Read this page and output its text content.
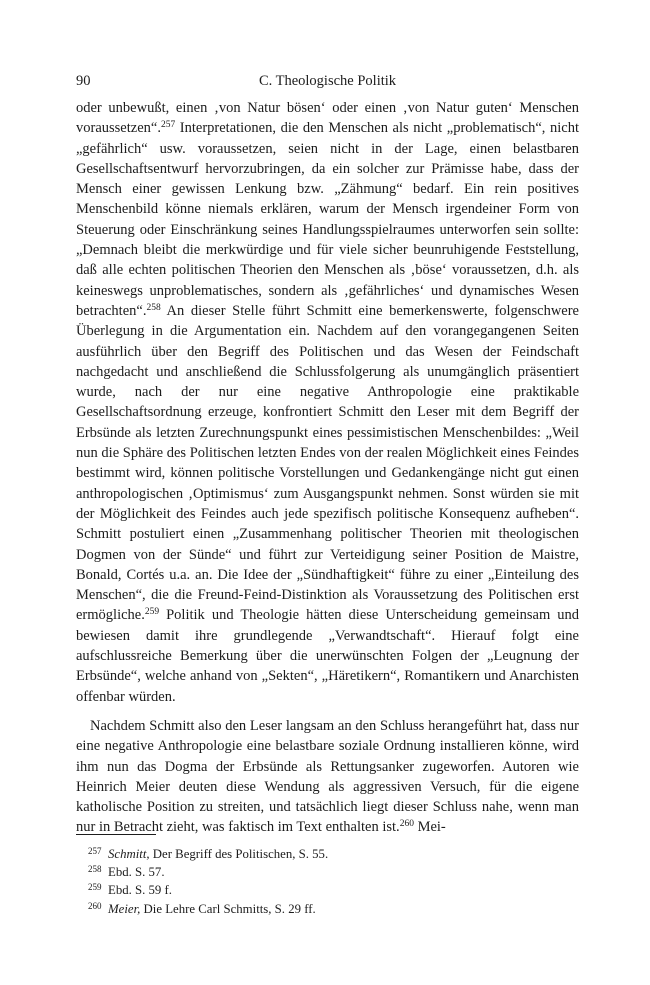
90	C. Theologische Politik

oder unbewußt, einen ‚von Natur bösen‘ oder einen ‚von Natur guten‘ Menschen voraussetzen“.$^{257}$ Interpretationen, die den Menschen als nicht „problematisch“, nicht „gefährlich“ usw. voraussetzen, seien nicht in der Lage, einen belastbaren Gesellschaftsentwurf hervorzubringen, da ein solcher zur Prämisse habe, dass der Mensch einer gewissen Lenkung bzw. „Zähmung“ bedarf. Ein rein positives Menschenbild könne niemals erklären, warum der Mensch irgendeiner Form von Steuerung oder Einschränkung seines Handlungsspielraumes unterworfen sein sollte: „Demnach bleibt die merkwürdige und für viele sicher beunruhigende Feststellung, daß alle echten politischen Theorien den Menschen als ‚böse‘ voraussetzen, d.h. als keineswegs unproblematisches, sondern als ‚gefährliches‘ und dynamisches Wesen betrachten“.$^{258}$ An dieser Stelle führt Schmitt eine bemerkenswerte, folgenschwere Überlegung in die Argumentation ein. Nachdem auf den vorangegangenen Seiten ausführlich über den Begriff des Politischen und das Wesen der Feindschaft nachgedacht und anschließend die Schlussfolgerung als unumgänglich präsentiert wurde, nach der nur eine negative Anthropologie eine praktikable Gesellschaftsordnung erzeuge, konfrontiert Schmitt den Leser mit dem Begriff der Erbsünde als letzten Zurechnungspunkt eines pessimistischen Menschenbildes: „Weil nun die Sphäre des Politischen letzten Endes von der realen Möglichkeit eines Feindes bestimmt wird, können politische Vorstellungen und Gedankengänge nicht gut einen anthropologischen ‚Optimismus‘ zum Ausgangspunkt nehmen. Sonst würden sie mit der Möglichkeit des Feindes auch jede spezifisch politische Konsequenz aufheben“. Schmitt postuliert einen „Zusammenhang politischer Theorien mit theologischen Dogmen von der Sünde“ und führt zur Verteidigung seiner Position de Maistre, Bonald, Cortés u.a. an. Die Idee der „Sündhaftigkeit“ führe zu einer „Einteilung des Menschen“, die die Freund-Feind-Distinktion als Voraussetzung des Politischen erst ermögliche.$^{259}$ Politik und Theologie hätten diese Unterscheidung gemeinsam und bewiesen damit ihre grundlegende „Verwandtschaft“. Hierauf folgt eine aufschlussreiche Bemerkung über die unerwünschten Folgen der „Leugnung der Erbsünde“, welche anhand von „Sekten“, „Häretikern“, Romantikern und Anarchisten offenbar würden.

Nachdem Schmitt also den Leser langsam an den Schluss herangeführt hat, dass nur eine negative Anthropologie eine belastbare soziale Ordnung installieren könne, wird ihm nun das Dogma der Erbsünde als Rettungsanker zugeworfen. Autoren wie Heinrich Meier deuten diese Wendung als aggressiven Versuch, für die eigene katholische Position zu streiten, und tatsächlich liegt dieser Schluss nahe, wenn man nur in Betracht zieht, was faktisch im Text enthalten ist.$^{260}$ Mei-

257 Schmitt, Der Begriff des Politischen, S. 55.
258 Ebd. S. 57.
259 Ebd. S. 59 f.
260 Meier, Die Lehre Carl Schmitts, S. 29 ff.
